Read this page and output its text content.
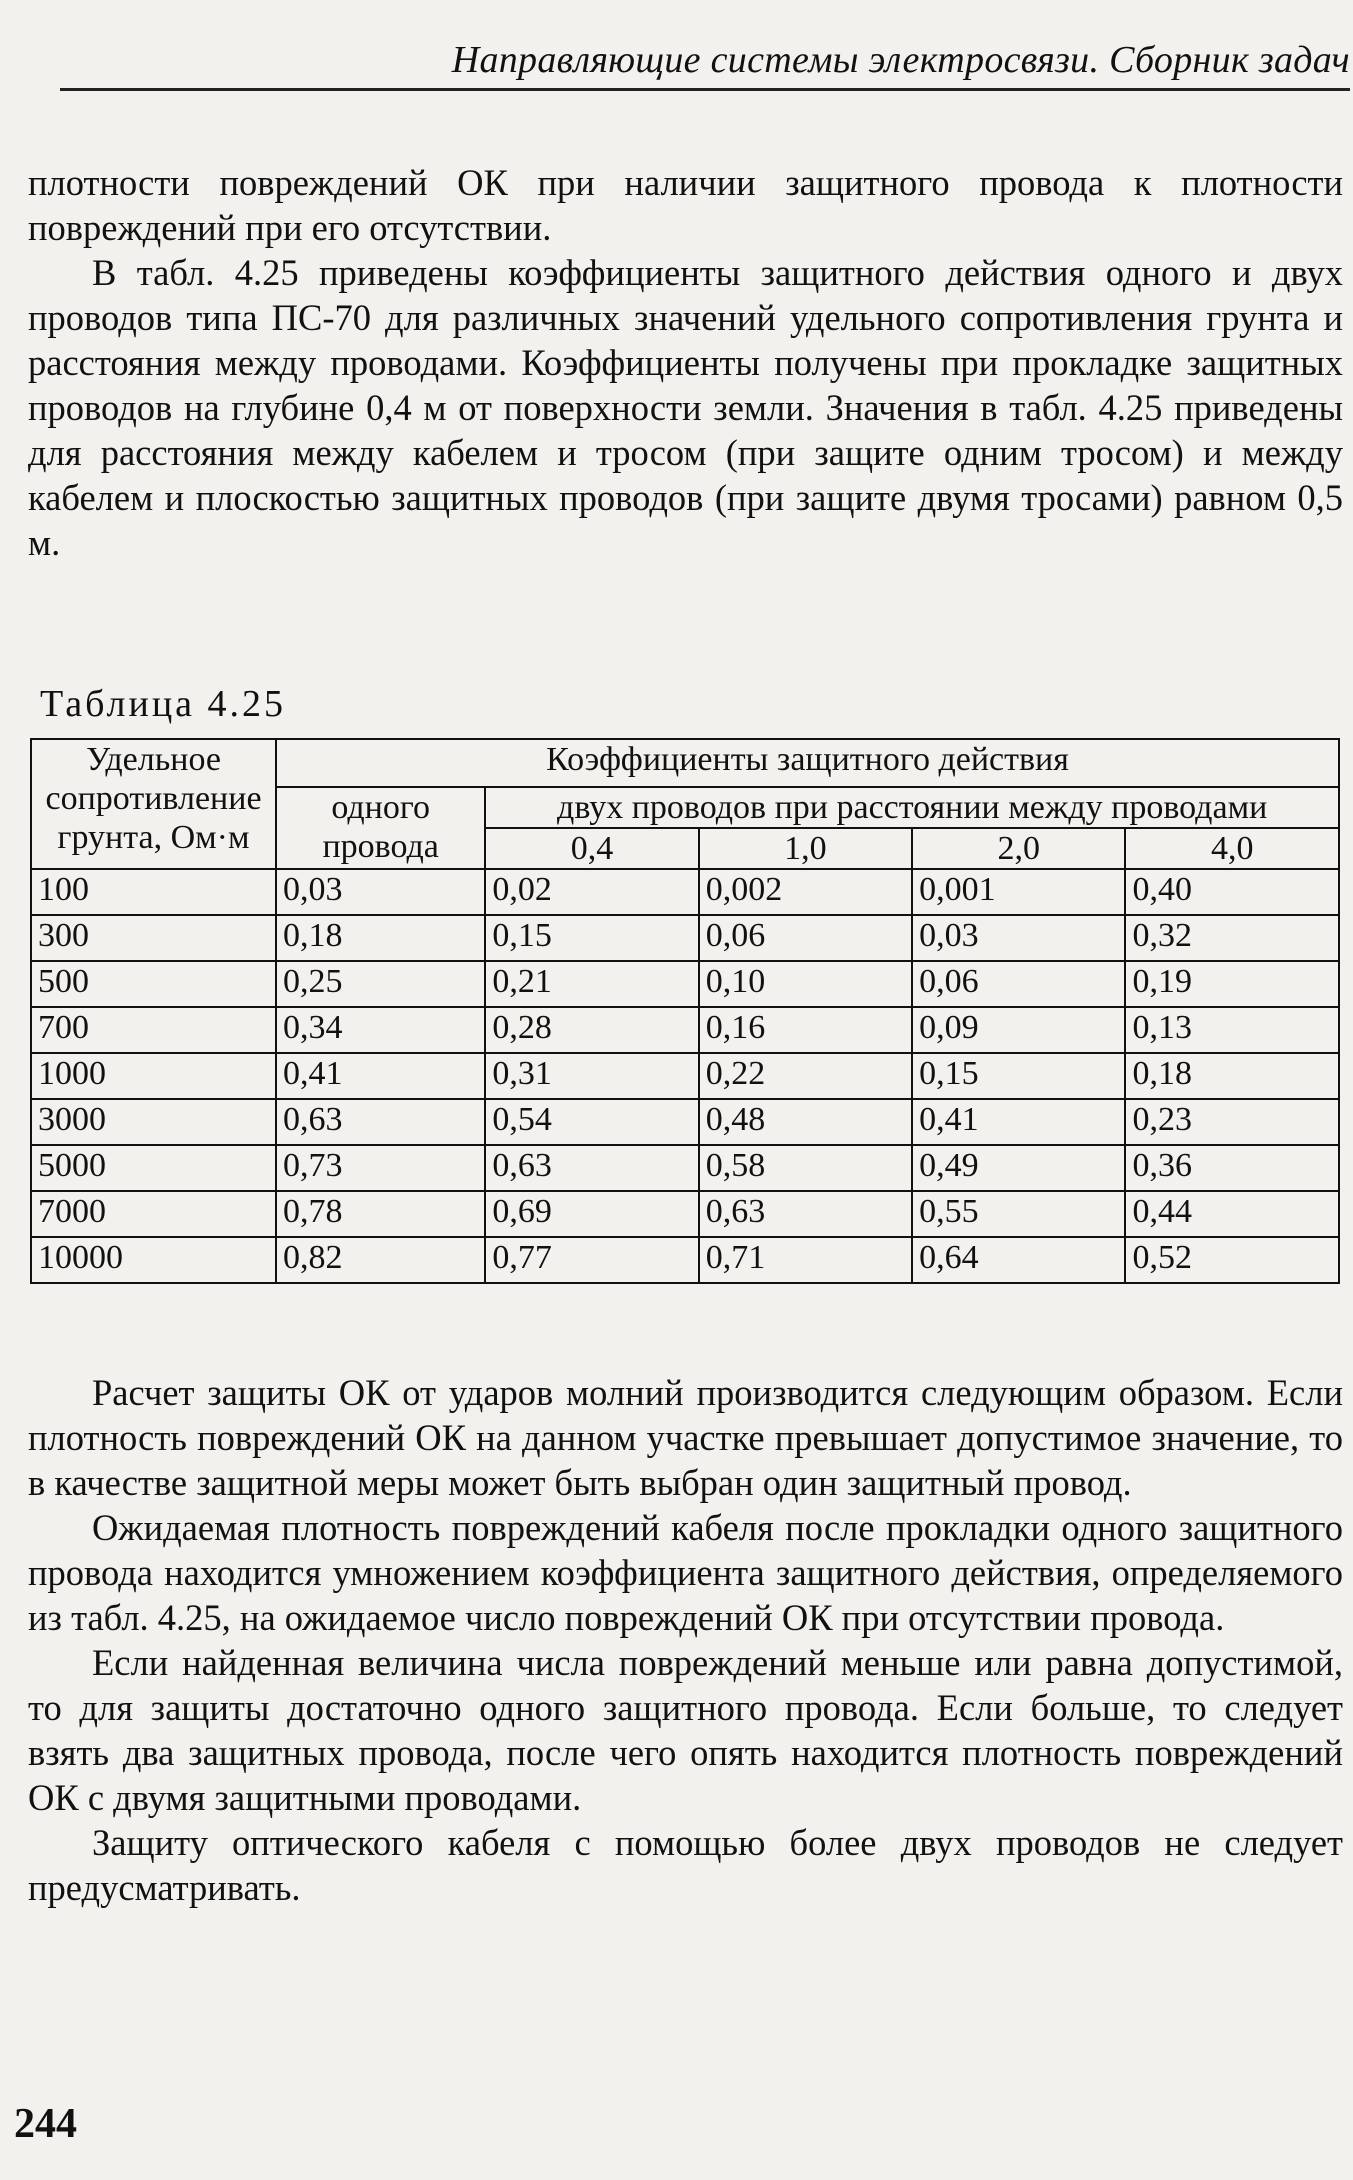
Направляющие системы электросвязи. Сборник задач

плотности повреждений ОК при наличии защитного провода к плотности повреждений при его отсутствии.

В табл. 4.25 приведены коэффициенты защитного действия одного и двух проводов типа ПС-70 для различных значений удельного сопротивления грунта и расстояния между проводами. Коэффициенты получены при прокладке защитных проводов на глубине 0,4 м от поверхности земли. Значения в табл. 4.25 приведены для расстояния между кабелем и тросом (при защите одним тросом) и между кабелем и плоскостью защитных проводов (при защите двумя тросами) равном 0,5 м.

Таблица 4.25
Удельное сопротивление грунта, Ом·м	Коэффициенты защитного действия				
	одного провода	двух проводов при расстоянии между проводами			
		0,4	1,0	2,0	4,0
100	0,03	0,02	0,002	0,001	0,40
300	0,18	0,15	0,06	0,03	0,32
500	0,25	0,21	0,10	0,06	0,19
700	0,34	0,28	0,16	0,09	0,13
1000	0,41	0,31	0,22	0,15	0,18
3000	0,63	0,54	0,48	0,41	0,23
5000	0,73	0,63	0,58	0,49	0,36
7000	0,78	0,69	0,63	0,55	0,44
10000	0,82	0,77	0,71	0,64	0,52

Расчет защиты ОК от ударов молний производится следующим образом. Если плотность повреждений ОК на данном участке превышает допустимое значение, то в качестве защитной меры может быть выбран один защитный провод.

Ожидаемая плотность повреждений кабеля после прокладки одного защитного провода находится умножением коэффициента защитного действия, определяемого из табл. 4.25, на ожидаемое число повреждений ОК при отсутствии провода.

Если найденная величина числа повреждений меньше или равна допустимой, то для защиты достаточно одного защитного провода. Если больше, то следует взять два защитных провода, после чего опять находится плотность повреждений ОК с двумя защитными проводами.

Защиту оптического кабеля с помощью более двух проводов не следует предусматривать.

244
